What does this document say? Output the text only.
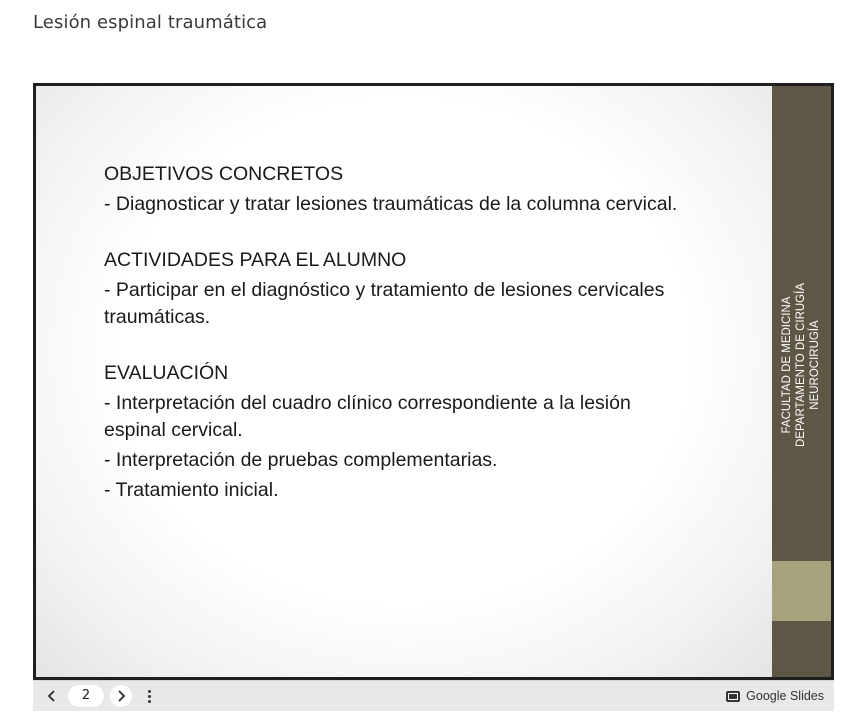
Lesión espinal traumática
OBJETIVOS CONCRETOS
- Diagnosticar y tratar lesiones traumáticas de la columna cervical.
ACTIVIDADES PARA EL ALUMNO
- Participar en el diagnóstico y tratamiento de lesiones cervicales
traumáticas.
EVALUACIÓN
- Interpretación del cuadro clínico correspondiente a la lesión
espinal cervical.
- Interpretación de pruebas complementarias.
- Tratamiento inicial.
FACULTAD DE MEDICINA DEPARTAMENTO DE CIRUGÍA NEUROCIRUGÍA
2	Google Slides
